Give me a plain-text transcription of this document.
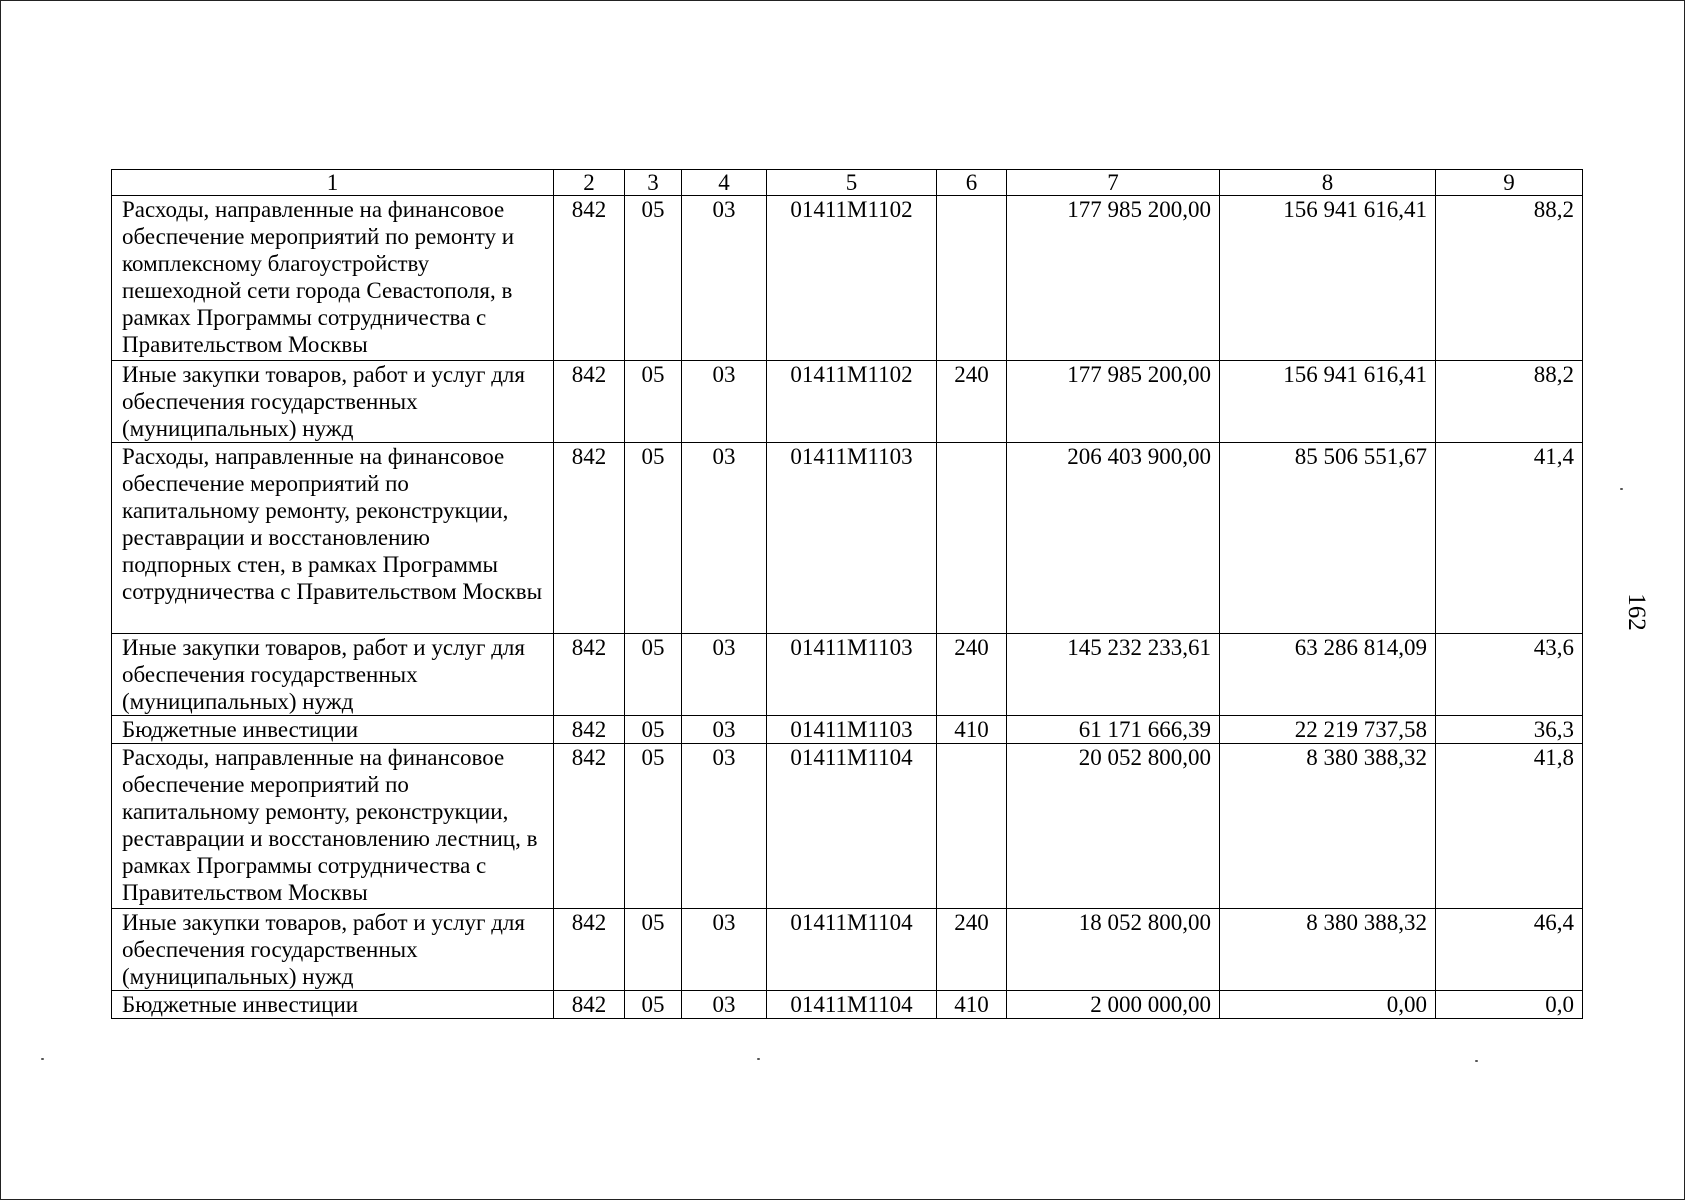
1	2	3	4	5	6	7	8	9
Расходы, направленные на финансовое обеспечение мероприятий по ремонту и комплексному благоустройству пешеходной сети города Севастополя, в рамках Программы сотрудничества с Правительством Москвы	842	05	03	01411M1102		177 985 200,00	156 941 616,41	88,2
Иные закупки товаров, работ и услуг для обеспечения государственных (муниципальных) нужд	842	05	03	01411M1102	240	177 985 200,00	156 941 616,41	88,2
Расходы, направленные на финансовое обеспечение мероприятий по капитальному ремонту, реконструкции, реставрации и восстановлению подпорных стен, в рамках Программы сотрудничества с Правительством Москвы	842	05	03	01411M1103		206 403 900,00	85 506 551,67	41,4
Иные закупки товаров, работ и услуг для обеспечения государственных (муниципальных) нужд	842	05	03	01411M1103	240	145 232 233,61	63 286 814,09	43,6
Бюджетные инвестиции	842	05	03	01411M1103	410	61 171 666,39	22 219 737,58	36,3
Расходы, направленные на финансовое обеспечение мероприятий по капитальному ремонту, реконструкции, реставрации и восстановлению лестниц, в рамках Программы сотрудничества с Правительством Москвы	842	05	03	01411M1104		20 052 800,00	8 380 388,32	41,8
Иные закупки товаров, работ и услуг для обеспечения государственных (муниципальных) нужд	842	05	03	01411M1104	240	18 052 800,00	8 380 388,32	46,4
Бюджетные инвестиции	842	05	03	01411M1104	410	2 000 000,00	0,00	0,0
162
